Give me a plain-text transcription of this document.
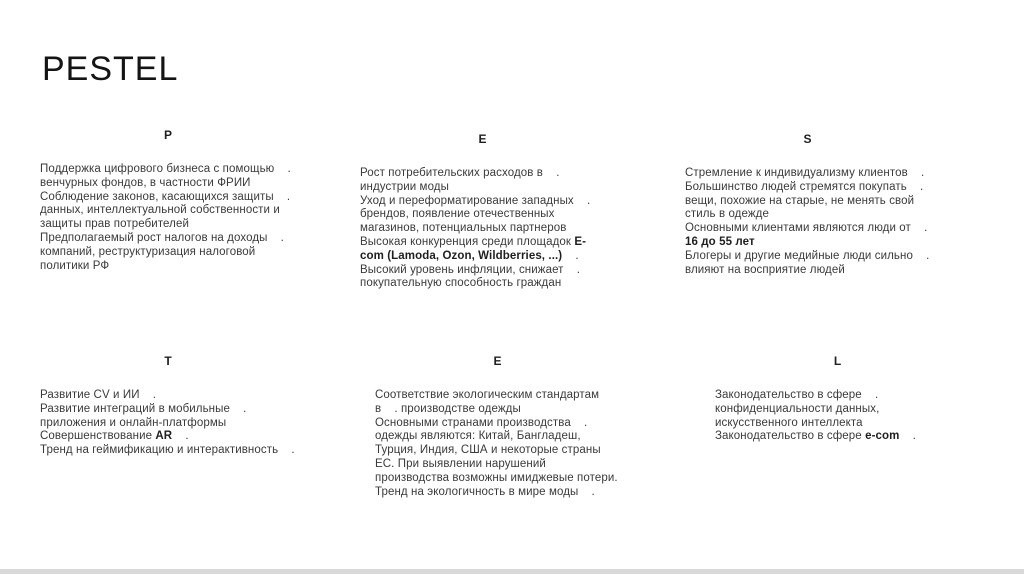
PESTEL
P
Поддержка цифрового бизнеса с помощью    . венчурных фондов, в частности ФРИИ
Соблюдение законов, касающихся защиты    . данных, интеллектуальной собственности и защиты прав потребителей
Предполагаемый рост налогов на доходы    . компаний, реструктуризация налоговой политики РФ
E
Рост потребительских расходов в    . индустрии моды
Уход и переформатирование западных    . брендов, появление отечественных магазинов, потенциальных партнеров
Высокая конкуренция среди площадок E-com (Lamoda, Ozon, Wildberries, ...)    .
Высокий уровень инфляции, снижает    . покупательную способность граждан
S
Стремление к индивидуализму клиентов    .
Большинство людей стремятся покупать    . вещи, похожие на старые, не менять свой стиль в одежде
Основными клиентами являются люди от    . 16 до 55 лет
Блогеры и другие медийные люди сильно    . влияют на восприятие людей
T
Развитие CV и ИИ    .
Развитие интеграций в мобильные    . приложения и онлайн-платформы
Совершенствование AR    .
Тренд на геймификацию и интерактивность    .
E
Соответствие экологическим стандартам в    . производстве одежды
Основными странами производства    . одежды являются: Китай, Бангладеш, Турция, Индия, США и некоторые страны ЕС. При выявлении нарушений производства возможны имиджевые потери.
Тренд на экологичность в мире моды    .
L
Законодательство в сфере    . конфиденциальности данных, искусственного интеллекта
Законодательство в сфере e-com    .
